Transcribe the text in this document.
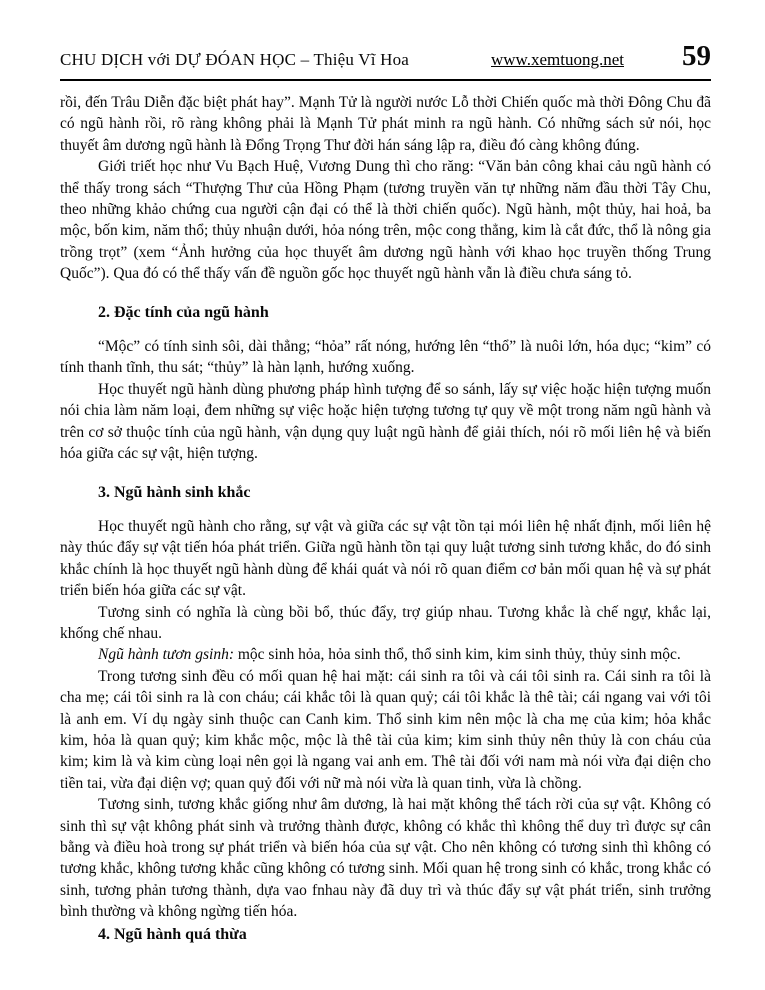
CHU DỊCH với DỰ ĐÓAN HỌC – Thiệu Vĩ Hoa	www.xemtuong.net 59

rồi, đến Trâu Diễn đặc biệt phát hay”. Mạnh Tử là người nước Lỗ thời Chiến quốc mà thời Đông Chu đã có ngũ hành rồi, rõ ràng không phải là Mạnh Tử phát minh ra ngũ hành. Có những sách sử nói, học thuyết âm dương ngũ hành là Đổng Trọng Thư đời hán sáng lập ra, điều đó càng không đúng.

Giới triết học như Vu Bạch Huệ, Vương Dung thì cho răng: “Văn bản công khai cảu ngũ hành có thể thấy trong sách “Thượng Thư của Hồng Phạm (tương truyền văn tự những năm đầu thời Tây Chu, theo những khảo chứng cua người cận đại có thể là thời chiến quốc). Ngũ hành, một thủy, hai hoả, ba mộc, bốn kim, năm thổ; thủy nhuận dưới, hỏa nóng trên, mộc cong thẳng, kim là cắt đức, thổ là nông gia trồng trọt” (xem “Ảnh hưởng của học thuyết âm dương ngũ hành với khao học truyền thống Trung Quốc”). Qua đó có thể thấy vấn đề nguồn gốc học thuyết ngũ hành vẫn là điều chưa sáng tỏ.

2. Đặc tính của ngũ hành

“Mộc” có tính sinh sôi, dài thẳng; “hỏa” rất nóng, hướng lên “thổ” là nuôi lớn, hóa dục; “kim” có tính thanh tĩnh, thu sát; “thủy” là hàn lạnh, hướng xuống.

Học thuyết ngũ hành dùng phương pháp hình tượng để so sánh, lấy sự việc hoặc hiện tượng muốn nói chia làm năm loại, đem những sự việc hoặc hiện tượng tương tự quy về một trong năm ngũ hành và trên cơ sở thuộc tính của ngũ hành, vận dụng quy luật ngũ hành để giải thích, nói rõ mối liên hệ và biến hóa giữa các sự vật, hiện tượng.

3. Ngũ hành sinh khắc

Học thuyết ngũ hành cho rằng, sự vật và giữa các sự vật tồn tại mói liên hệ nhất định, mối liên hệ này thúc đẩy sự vật tiến hóa phát triển. Giữa ngũ hành tồn tại quy luật tương sinh tương khắc, do đó sinh khắc chính là học thuyết ngũ hành dùng để khái quát và nói rõ quan điểm cơ bản mối quan hệ và sự phát triển biến hóa giữa các sự vật.

Tương sinh có nghĩa là cùng bồi bổ, thúc đẩy, trợ giúp nhau. Tương khắc là chế ngự, khắc lại, khống chế nhau.

Ngũ hành tươn gsinh: mộc sinh hỏa, hỏa sinh thổ, thổ sinh kim, kim sinh thủy, thủy sinh mộc.

Trong tương sinh đều có mối quan hệ hai mặt: cái sinh ra tôi và cái tôi sinh ra. Cái sinh ra tôi là cha mẹ; cái tôi sinh ra là con cháu; cái khắc tôi là quan quỷ; cái tôi khắc là thê tài; cái ngang vai với tôi là anh em. Ví dụ ngày sinh thuộc can Canh kim. Thổ sinh kim nên mộc là cha mẹ của kim; hỏa khắc kim, hỏa là quan quỷ; kim khắc mộc, mộc là thê tài của kim; kim sinh thủy nên thủy là con cháu của kim; kim là và kim cùng loại nên gọi là ngang vai anh em. Thê tài đối với nam mà nói vừa đại diện cho tiền tai, vừa đại diện vợ; quan quỷ đối với nữ mà nói vừa là quan tinh, vừa là chồng.

Tương sinh, tương khắc giống như âm dương, là hai mặt không thể tách rời của sự vật. Không có sinh thì sự vật không phát sinh và trưởng thành được, không có khắc thì không thể duy trì được sự cân bằng và điều hoà trong sự phát triển và biến hóa của sự vật. Cho nên không có tương sinh thì không có tương khắc, không tương khắc cũng không có tương sinh. Mối quan hệ trong sinh có khắc, trong khắc có sinh, tương phản tương thành, dựa vao fnhau này đã duy trì và thúc đẩy sự vật phát triển, sinh trưởng bình thường và không ngừng tiến hóa.

4. Ngũ hành quá thừa
